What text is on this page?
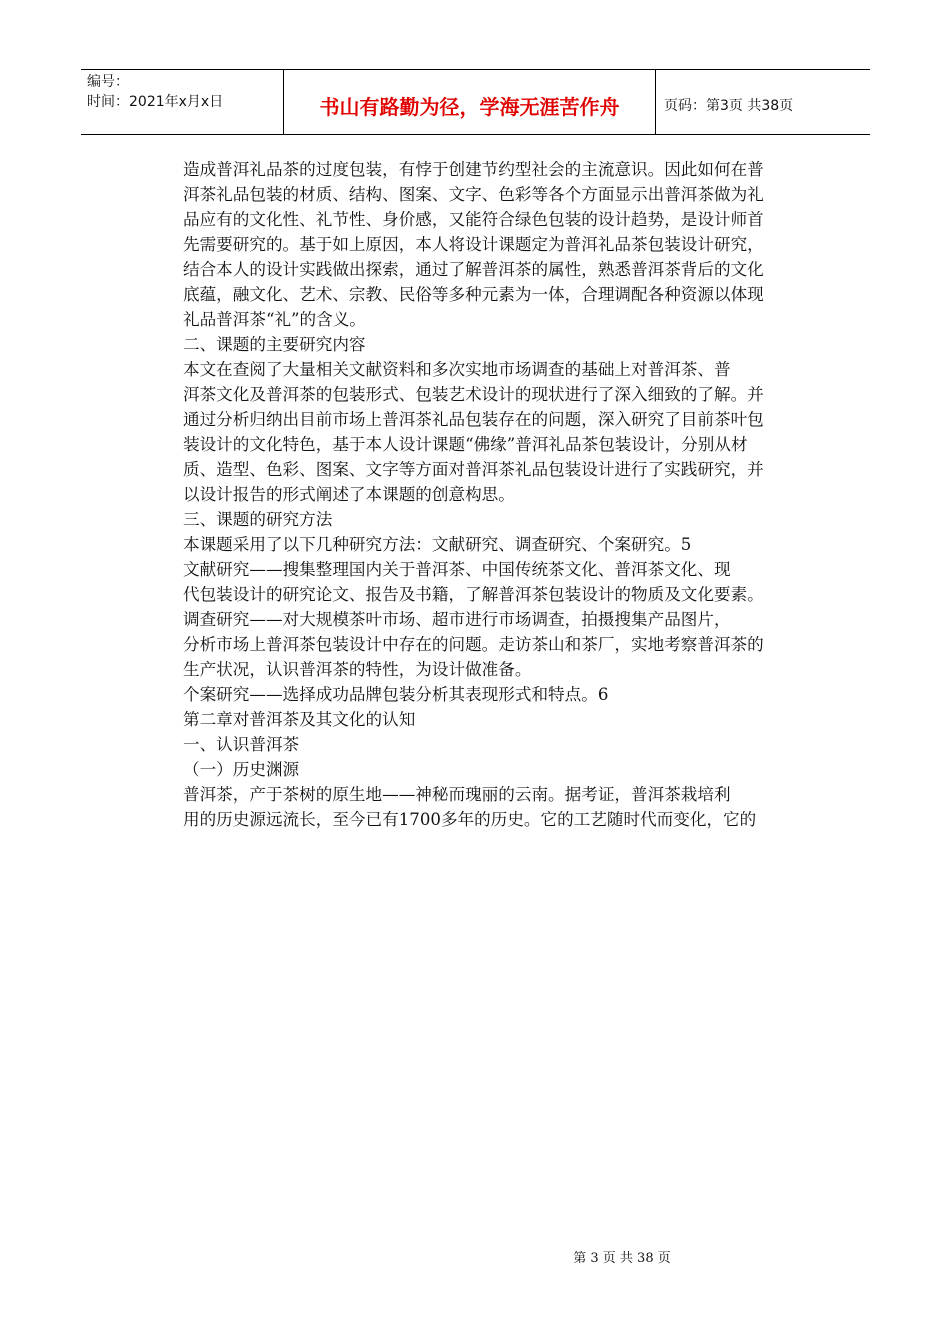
编号：
时间：2021年x月x日	书山有路勤为径，学海无涯苦作舟	页码：第3页 共38页

造成普洱礼品茶的过度包装，有悖于创建节约型社会的主流意识。因此如何在普

洱茶礼品包装的材质、结构、图案、文字、色彩等各个方面显示出普洱茶做为礼

品应有的文化性、礼节性、身价感，又能符合绿色包装的设计趋势，是设计师首

先需要研究的。基于如上原因，本人将设计课题定为普洱礼品茶包装设计研究，

结合本人的设计实践做出探索，通过了解普洱茶的属性，熟悉普洱茶背后的文化

底蕴，融文化、艺术、宗教、民俗等多种元素为一体，合理调配各种资源以体现

礼品普洱茶“礼”的含义。

二、课题的主要研究内容

本文在查阅了大量相关文献资料和多次实地市场调查的基础上对普洱茶、普

洱茶文化及普洱茶的包装形式、包装艺术设计的现状进行了深入细致的了解。并

通过分析归纳出目前市场上普洱茶礼品包装存在的问题，深入研究了目前茶叶包

装设计的文化特色，基于本人设计课题“佛缘”普洱礼品茶包装设计，分别从材

质、造型、色彩、图案、文字等方面对普洱茶礼品包装设计进行了实践研究，并

以设计报告的形式阐述了本课题的创意构思。

三、课题的研究方法

本课题采用了以下几种研究方法：文献研究、调查研究、个案研究。5

文献研究——搜集整理国内关于普洱茶、中国传统茶文化、普洱茶文化、现

代包装设计的研究论文、报告及书籍，了解普洱茶包装设计的物质及文化要素。

调查研究——对大规模茶叶市场、超市进行市场调查，拍摄搜集产品图片，

分析市场上普洱茶包装设计中存在的问题。走访茶山和茶厂，实地考察普洱茶的

生产状况，认识普洱茶的特性，为设计做准备。

个案研究——选择成功品牌包装分析其表现形式和特点。6

第二章对普洱茶及其文化的认知

一、认识普洱茶

（一）历史渊源

普洱茶，产于茶树的原生地——神秘而瑰丽的云南。据考证，普洱茶栽培利

用的历史源远流长，至今已有1700多年的历史。它的工艺随时代而变化，它的

第 3 页 共 38 页
